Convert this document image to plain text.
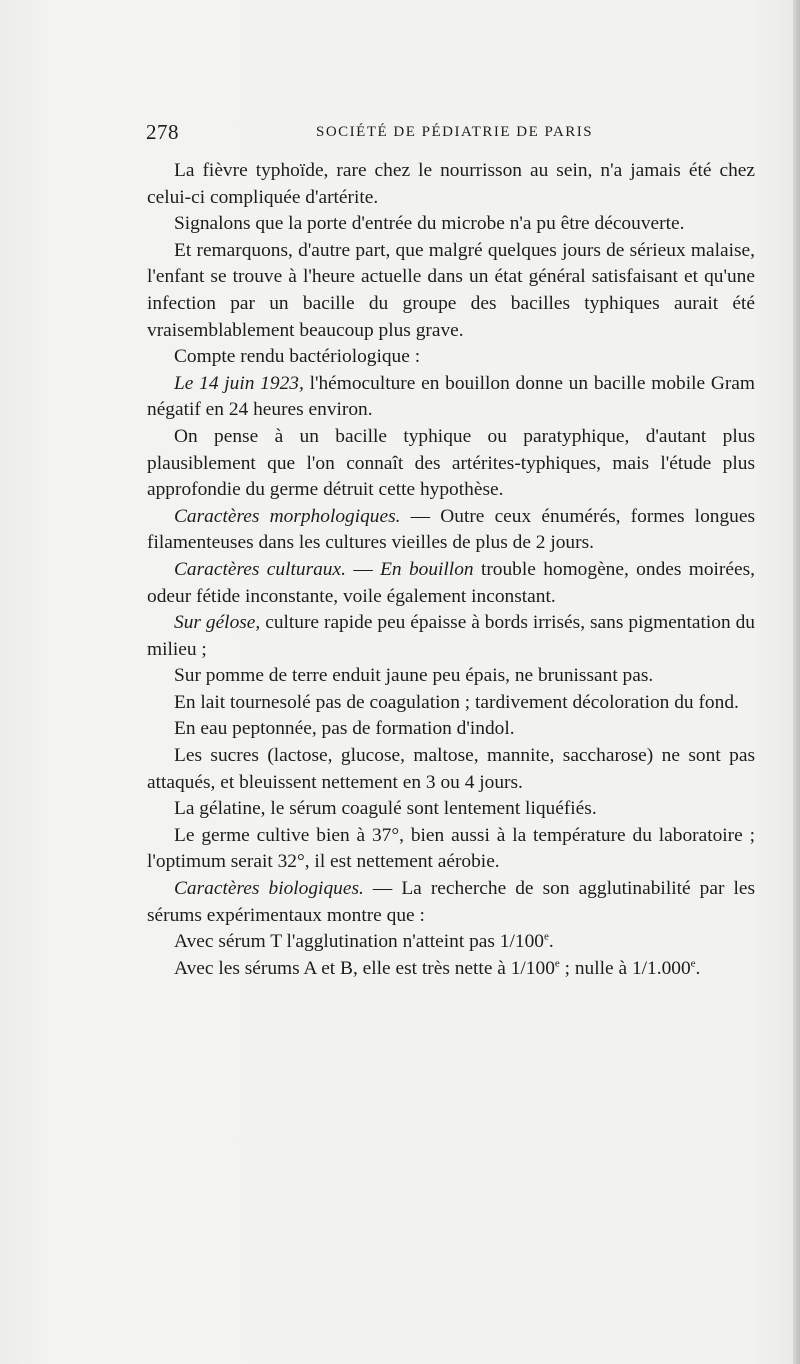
278	SOCIÉTÉ DE PÉDIATRIE DE PARIS

La fièvre typhoïde, rare chez le nourrisson au sein, n'a jamais été chez celui-ci compliquée d'artérite.

Signalons que la porte d'entrée du microbe n'a pu être découverte.

Et remarquons, d'autre part, que malgré quelques jours de sérieux malaise, l'enfant se trouve à l'heure actuelle dans un état général satisfaisant et qu'une infection par un bacille du groupe des bacilles typhiques aurait été vraisemblablement beaucoup plus grave.

Compte rendu bactériologique :

Le 14 juin 1923, l'hémoculture en bouillon donne un bacille mobile Gram négatif en 24 heures environ.

On pense à un bacille typhique ou paratyphique, d'autant plus plausiblement que l'on connaît des artérites-typhiques, mais l'étude plus approfondie du germe détruit cette hypothèse.

Caractères morphologiques. — Outre ceux énumérés, formes longues filamenteuses dans les cultures vieilles de plus de 2 jours.

Caractères culturaux. — En bouillon trouble homogène, ondes moirées, odeur fétide inconstante, voile également inconstant.

Sur gélose, culture rapide peu épaisse à bords irrisés, sans pigmentation du milieu ;

Sur pomme de terre enduit jaune peu épais, ne brunissant pas.

En lait tournesolé pas de coagulation ; tardivement décoloration du fond.

En eau peptonnée, pas de formation d'indol.

Les sucres (lactose, glucose, maltose, mannite, saccharose) ne sont pas attaqués, et bleuissent nettement en 3 ou 4 jours.

La gélatine, le sérum coagulé sont lentement liquéfiés.

Le germe cultive bien à 37°, bien aussi à la température du laboratoire ; l'optimum serait 32°, il est nettement aérobie.

Caractères biologiques. — La recherche de son agglutinabilité par les sérums expérimentaux montre que :

Avec sérum T l'agglutination n'atteint pas 1/100e.

Avec les sérums A et B, elle est très nette à 1/100e ; nulle à 1/1.000e.
